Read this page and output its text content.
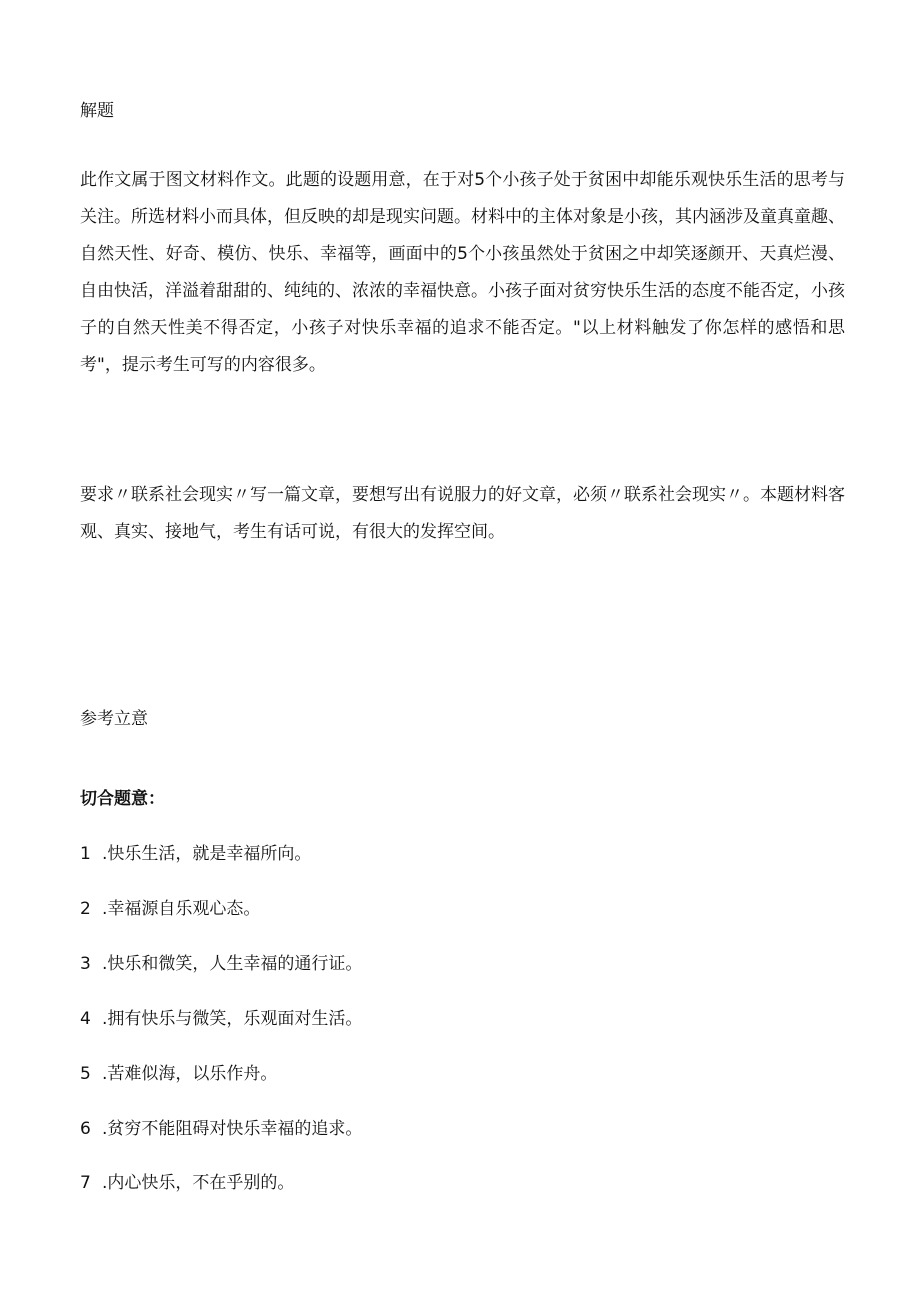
解题
此作文属于图文材料作文。此题的设题用意，在于对5个小孩子处于贫困中却能乐观快乐生活的思考与关注。所选材料小而具体，但反映的却是现实问题。材料中的主体对象是小孩，其内涵涉及童真童趣、自然天性、好奇、模仿、快乐、幸福等，画面中的5个小孩虽然处于贫困之中却笑逐颜开、天真烂漫、自由快活，洋溢着甜甜的、纯纯的、浓浓的幸福快意。小孩子面对贫穷快乐生活的态度不能否定，小孩子的自然天性美不得否定，小孩子对快乐幸福的追求不能否定。"以上材料触发了你怎样的感悟和思考"，提示考生可写的内容很多。
要求〃联系社会现实〃写一篇文章，要想写出有说服力的好文章，必须〃联系社会现实〃。本题材料客观、真实、接地气，考生有话可说，有很大的发挥空间。
参考立意
切合题意：
1 .快乐生活，就是幸福所向。
2 .幸福源自乐观心态。
3 .快乐和微笑，人生幸福的通行证。
4 .拥有快乐与微笑，乐观面对生活。
5 .苦难似海，以乐作舟。
6 .贫穷不能阻碍对快乐幸福的追求。
7 .内心快乐，不在乎别的。
